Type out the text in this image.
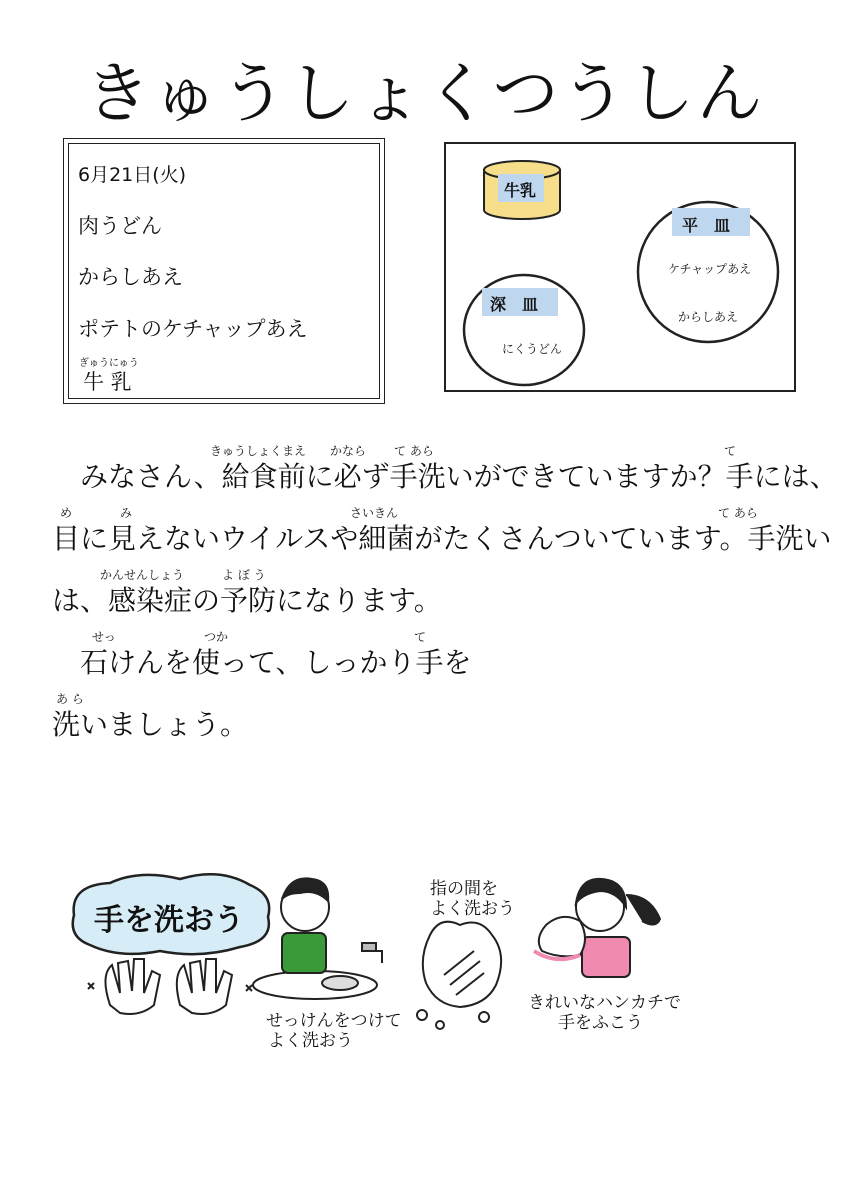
きゅうしょくつうしん
6月21日(火)
肉うどん
からしあえ
ポテトのケチャップあえ
ぎゅうにゅう
牛 乳
牛乳
平　皿
ケチャップあえ
からしあえ
深　皿
にくうどん
きゅうしょくまえ かなら て あら	て
　みなさん、給食前に必ず手洗いができていますか？手には、
め	み	さいきん	て あら
目に見えないウイルスや細菌がたくさんついています。手洗い
かんせんしょう	よ ぼ う
は、感染症の予防になります。
せっ	つか	て
　石けんを使って、しっかり手を
あ ら
洗いましょう。
手を洗おう
せっけんをつけて
よく洗おう
指の間を
よく洗おう
きれいなハンカチで
手をふこう
